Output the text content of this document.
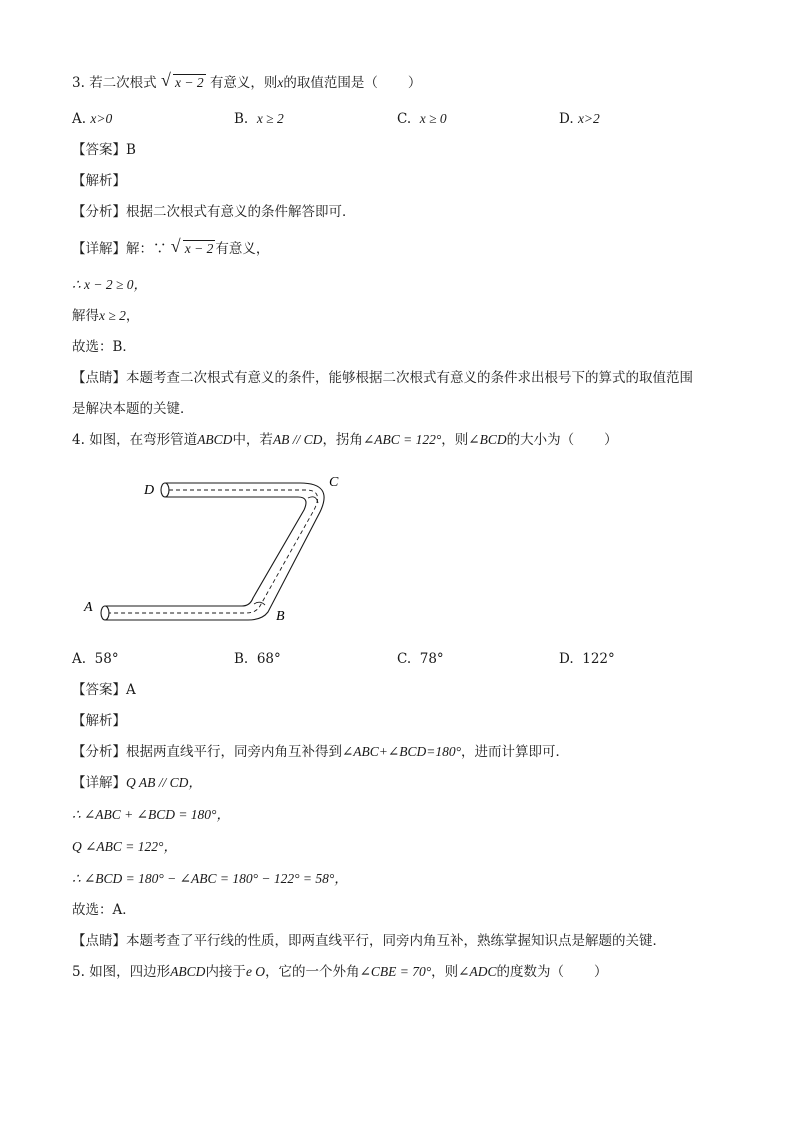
3. 若二次根式 √ x − 2 有意义，则x的取值范围是（ ）
A. x>0	B. x ≥ 2	C. x ≥ 0	D. x>2
【答案】B
【解析】
【分析】根据二次根式有意义的条件解答即可．
【详解】解：∵ √ x − 2 有意义，
∴ x − 2 ≥ 0，
解得x ≥ 2，
故选：B．
【点睛】本题考查二次根式有意义的条件，能够根据二次根式有意义的条件求出根号下的算式的取值范围
是解决本题的关键．
4. 如图，在弯形管道ABCD中，若AB // CD，拐角∠ABC = 122°，则∠BCD的大小为（ ）
D
C
A
B
A. 58°	B. 68°	C. 78°	D. 122°
【答案】A
【解析】
【分析】根据两直线平行，同旁内角互补得到∠ABC+∠BCD=180°，进而计算即可．
【详解】Q AB // CD，
∴ ∠ABC + ∠BCD = 180°，
Q ∠ABC = 122°，
∴ ∠BCD = 180° − ∠ABC = 180° − 122° = 58°，
故选：A．
【点睛】本题考查了平行线的性质，即两直线平行，同旁内角互补，熟练掌握知识点是解题的关键．
5. 如图，四边形ABCD内接于e O，它的一个外角∠CBE = 70°，则∠ADC的度数为（ ）
